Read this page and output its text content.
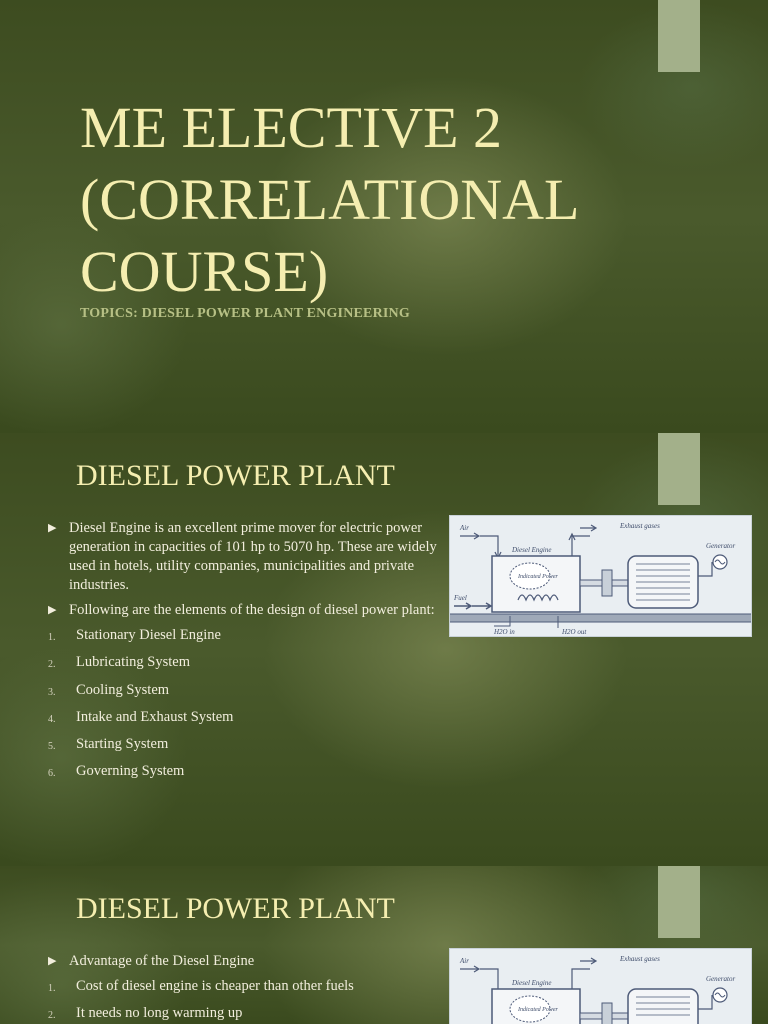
ME ELECTIVE 2 (CORRELATIONAL COURSE)
TOPICS: DIESEL POWER PLANT ENGINEERING
DIESEL POWER PLANT
▶ Diesel Engine is an excellent prime mover for electric power generation in capacities of 101 hp to 5070 hp. These are widely used in hotels, utility companies, municipalities and private industries.
▶ Following are the elements of the design of diesel power plant:
1. Stationary Diesel Engine
2. Lubricating System
3. Cooling System
4. Intake and Exhaust System
5. Starting System
6. Governing System
Air
Diesel Engine
Indicated Power
Exhaust gases
Generator
Fuel
H2O in	H2O out
DIESEL POWER PLANT
▶ Advantage of the Diesel Engine
1. Cost of diesel engine is cheaper than other fuels
2. It needs no long warming up
Air
Diesel Engine
Indicated Power
Exhaust gases
Generator
